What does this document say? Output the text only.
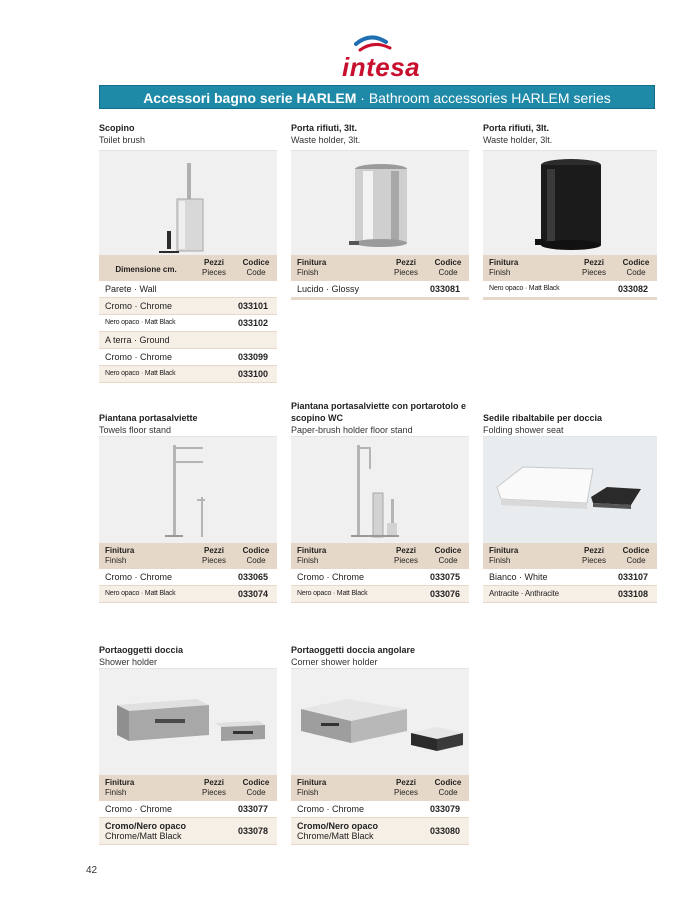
intesa
Accessori bagno serie HARLEM · Bathroom accessories HARLEM series
Scopino
Toilet brush
Dimensione cm.
Pezzi
Pieces
Codice
Code
Parete · Wall
Cromo · Chrome	033101
Nero opaco · Matt Black	033102
A terra · Ground
Cromo · Chrome	033099
Nero opaco · Matt Black	033100
Porta rifiuti, 3lt.
Waste holder, 3lt.
Finitura
Finish
Pezzi
Pieces
Codice
Code
Lucido · Glossy	033081
Porta rifiuti, 3lt.
Waste holder, 3lt.
Finitura
Finish
Pezzi
Pieces
Codice
Code
Nero opaco · Matt Black	033082
Piantana portasalviette
Towels floor stand
Finitura
Finish
Pezzi
Pieces
Codice
Code
Cromo · Chrome	033065
Nero opaco · Matt Black	033074
Piantana portasalviette con portarotolo e scopino WC
Paper-brush holder floor stand
Finitura
Finish
Pezzi
Pieces
Codice
Code
Cromo · Chrome	033075
Nero opaco · Matt Black	033076
Sedile ribaltabile per doccia
Folding shower seat
Finitura
Finish
Pezzi
Pieces
Codice
Code
Bianco · White	033107
Antracite · Anthracite	033108
Portaoggetti doccia
Shower holder
Finitura
Finish
Pezzi
Pieces
Codice
Code
Cromo · Chrome	033077
Cromo/Nero opaco
Chrome/Matt Black	033078
Portaoggetti doccia angolare
Corner shower holder
Finitura
Finish
Pezzi
Pieces
Codice
Code
Cromo · Chrome	033079
Cromo/Nero opaco
Chrome/Matt Black	033080
42
